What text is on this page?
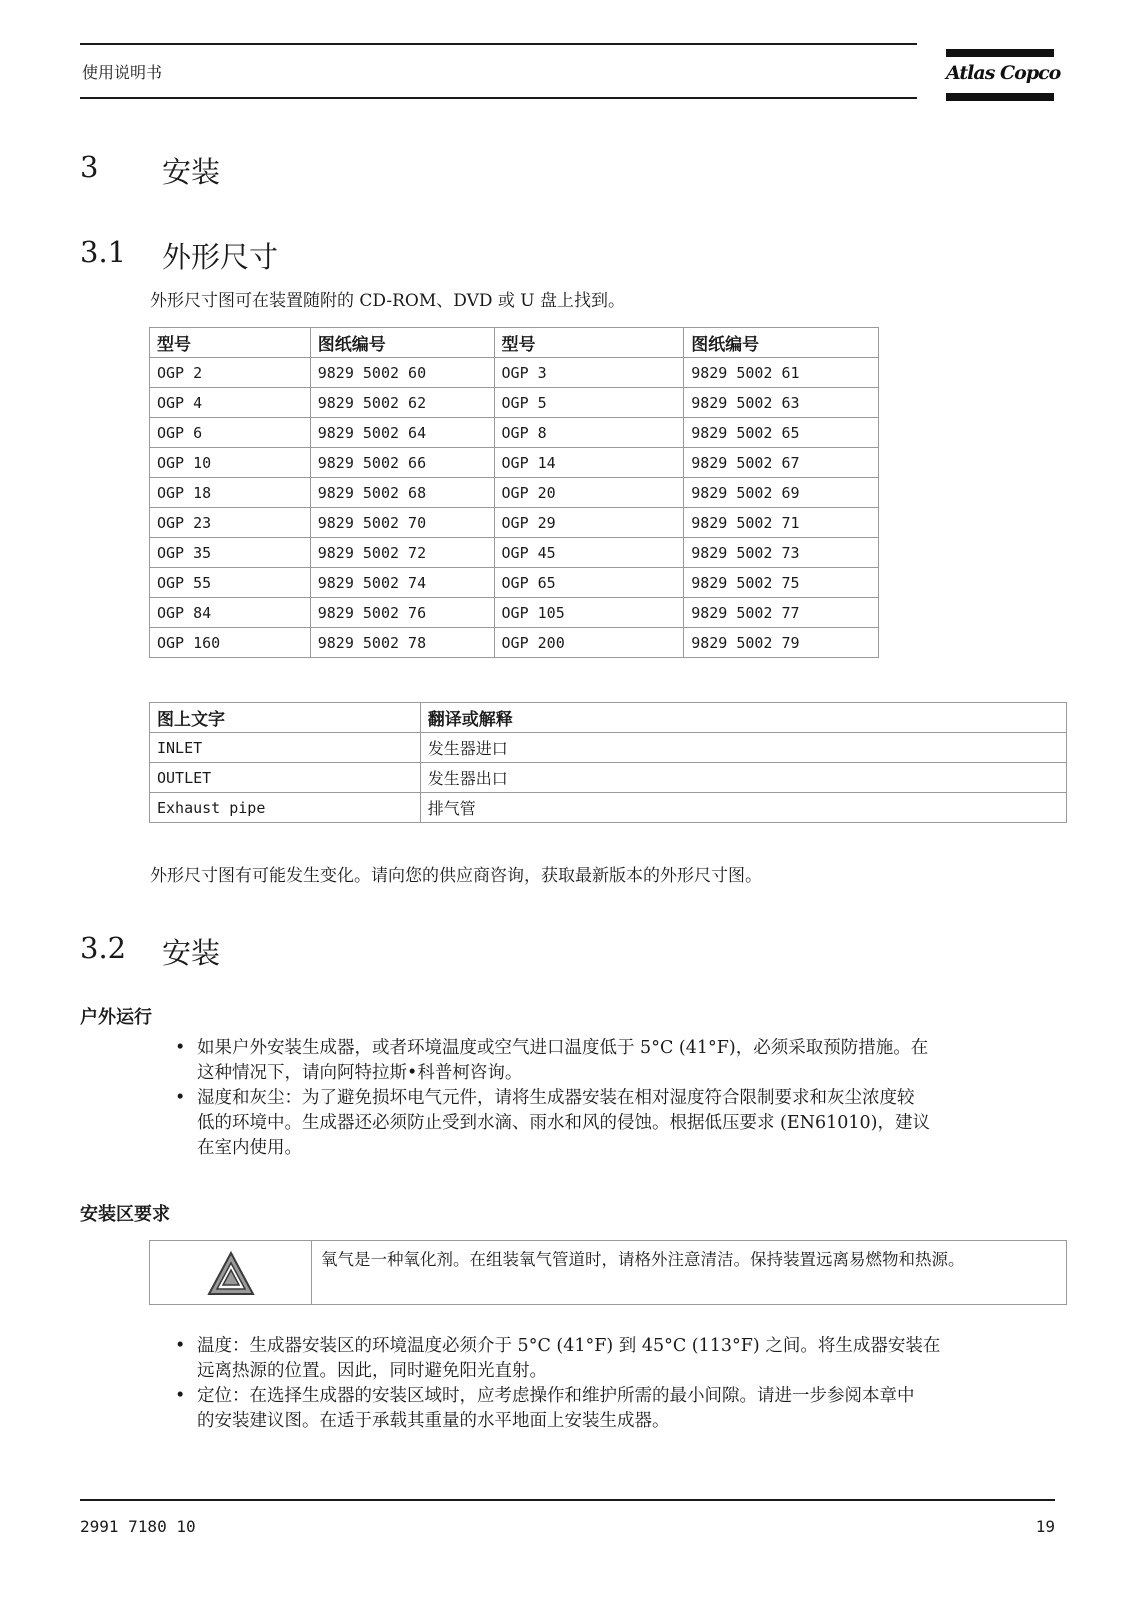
使用说明书	Atlas Copco
3 安装
3.1 外形尺寸
外形尺寸图可在装置随附的 CD-ROM、DVD 或 U 盘上找到。
型号	图纸编号	型号	图纸编号
OGP 2	9829 5002 60	OGP 3	9829 5002 61
OGP 4	9829 5002 62	OGP 5	9829 5002 63
OGP 6	9829 5002 64	OGP 8	9829 5002 65
OGP 10	9829 5002 66	OGP 14	9829 5002 67
OGP 18	9829 5002 68	OGP 20	9829 5002 69
OGP 23	9829 5002 70	OGP 29	9829 5002 71
OGP 35	9829 5002 72	OGP 45	9829 5002 73
OGP 55	9829 5002 74	OGP 65	9829 5002 75
OGP 84	9829 5002 76	OGP 105	9829 5002 77
OGP 160	9829 5002 78	OGP 200	9829 5002 79
图上文字	翻译或解释
INLET	发生器进口
OUTLET	发生器出口
Exhaust pipe	排气管
外形尺寸图有可能发生变化。请向您的供应商咨询，获取最新版本的外形尺寸图。
3.2 安装
户外运行
• 如果户外安装生成器，或者环境温度或空气进口温度低于 5°C (41°F)，必须采取预防措施。在
这种情况下，请向阿特拉斯•科普柯咨询。
• 湿度和灰尘：为了避免损坏电气元件，请将生成器安装在相对湿度符合限制要求和灰尘浓度较
低的环境中。生成器还必须防止受到水滴、雨水和风的侵蚀。根据低压要求 (EN61010)，建议
在室内使用。
安装区要求
氧气是一种氧化剂。在组装氧气管道时，请格外注意清洁。保持装置远离易燃物和热源。
• 温度：生成器安装区的环境温度必须介于 5°C (41°F) 到 45°C (113°F) 之间。将生成器安装在
远离热源的位置。因此，同时避免阳光直射。
• 定位：在选择生成器的安装区域时，应考虑操作和维护所需的最小间隙。请进一步参阅本章中
的安装建议图。在适于承载其重量的水平地面上安装生成器。
2991 7180 10	19
